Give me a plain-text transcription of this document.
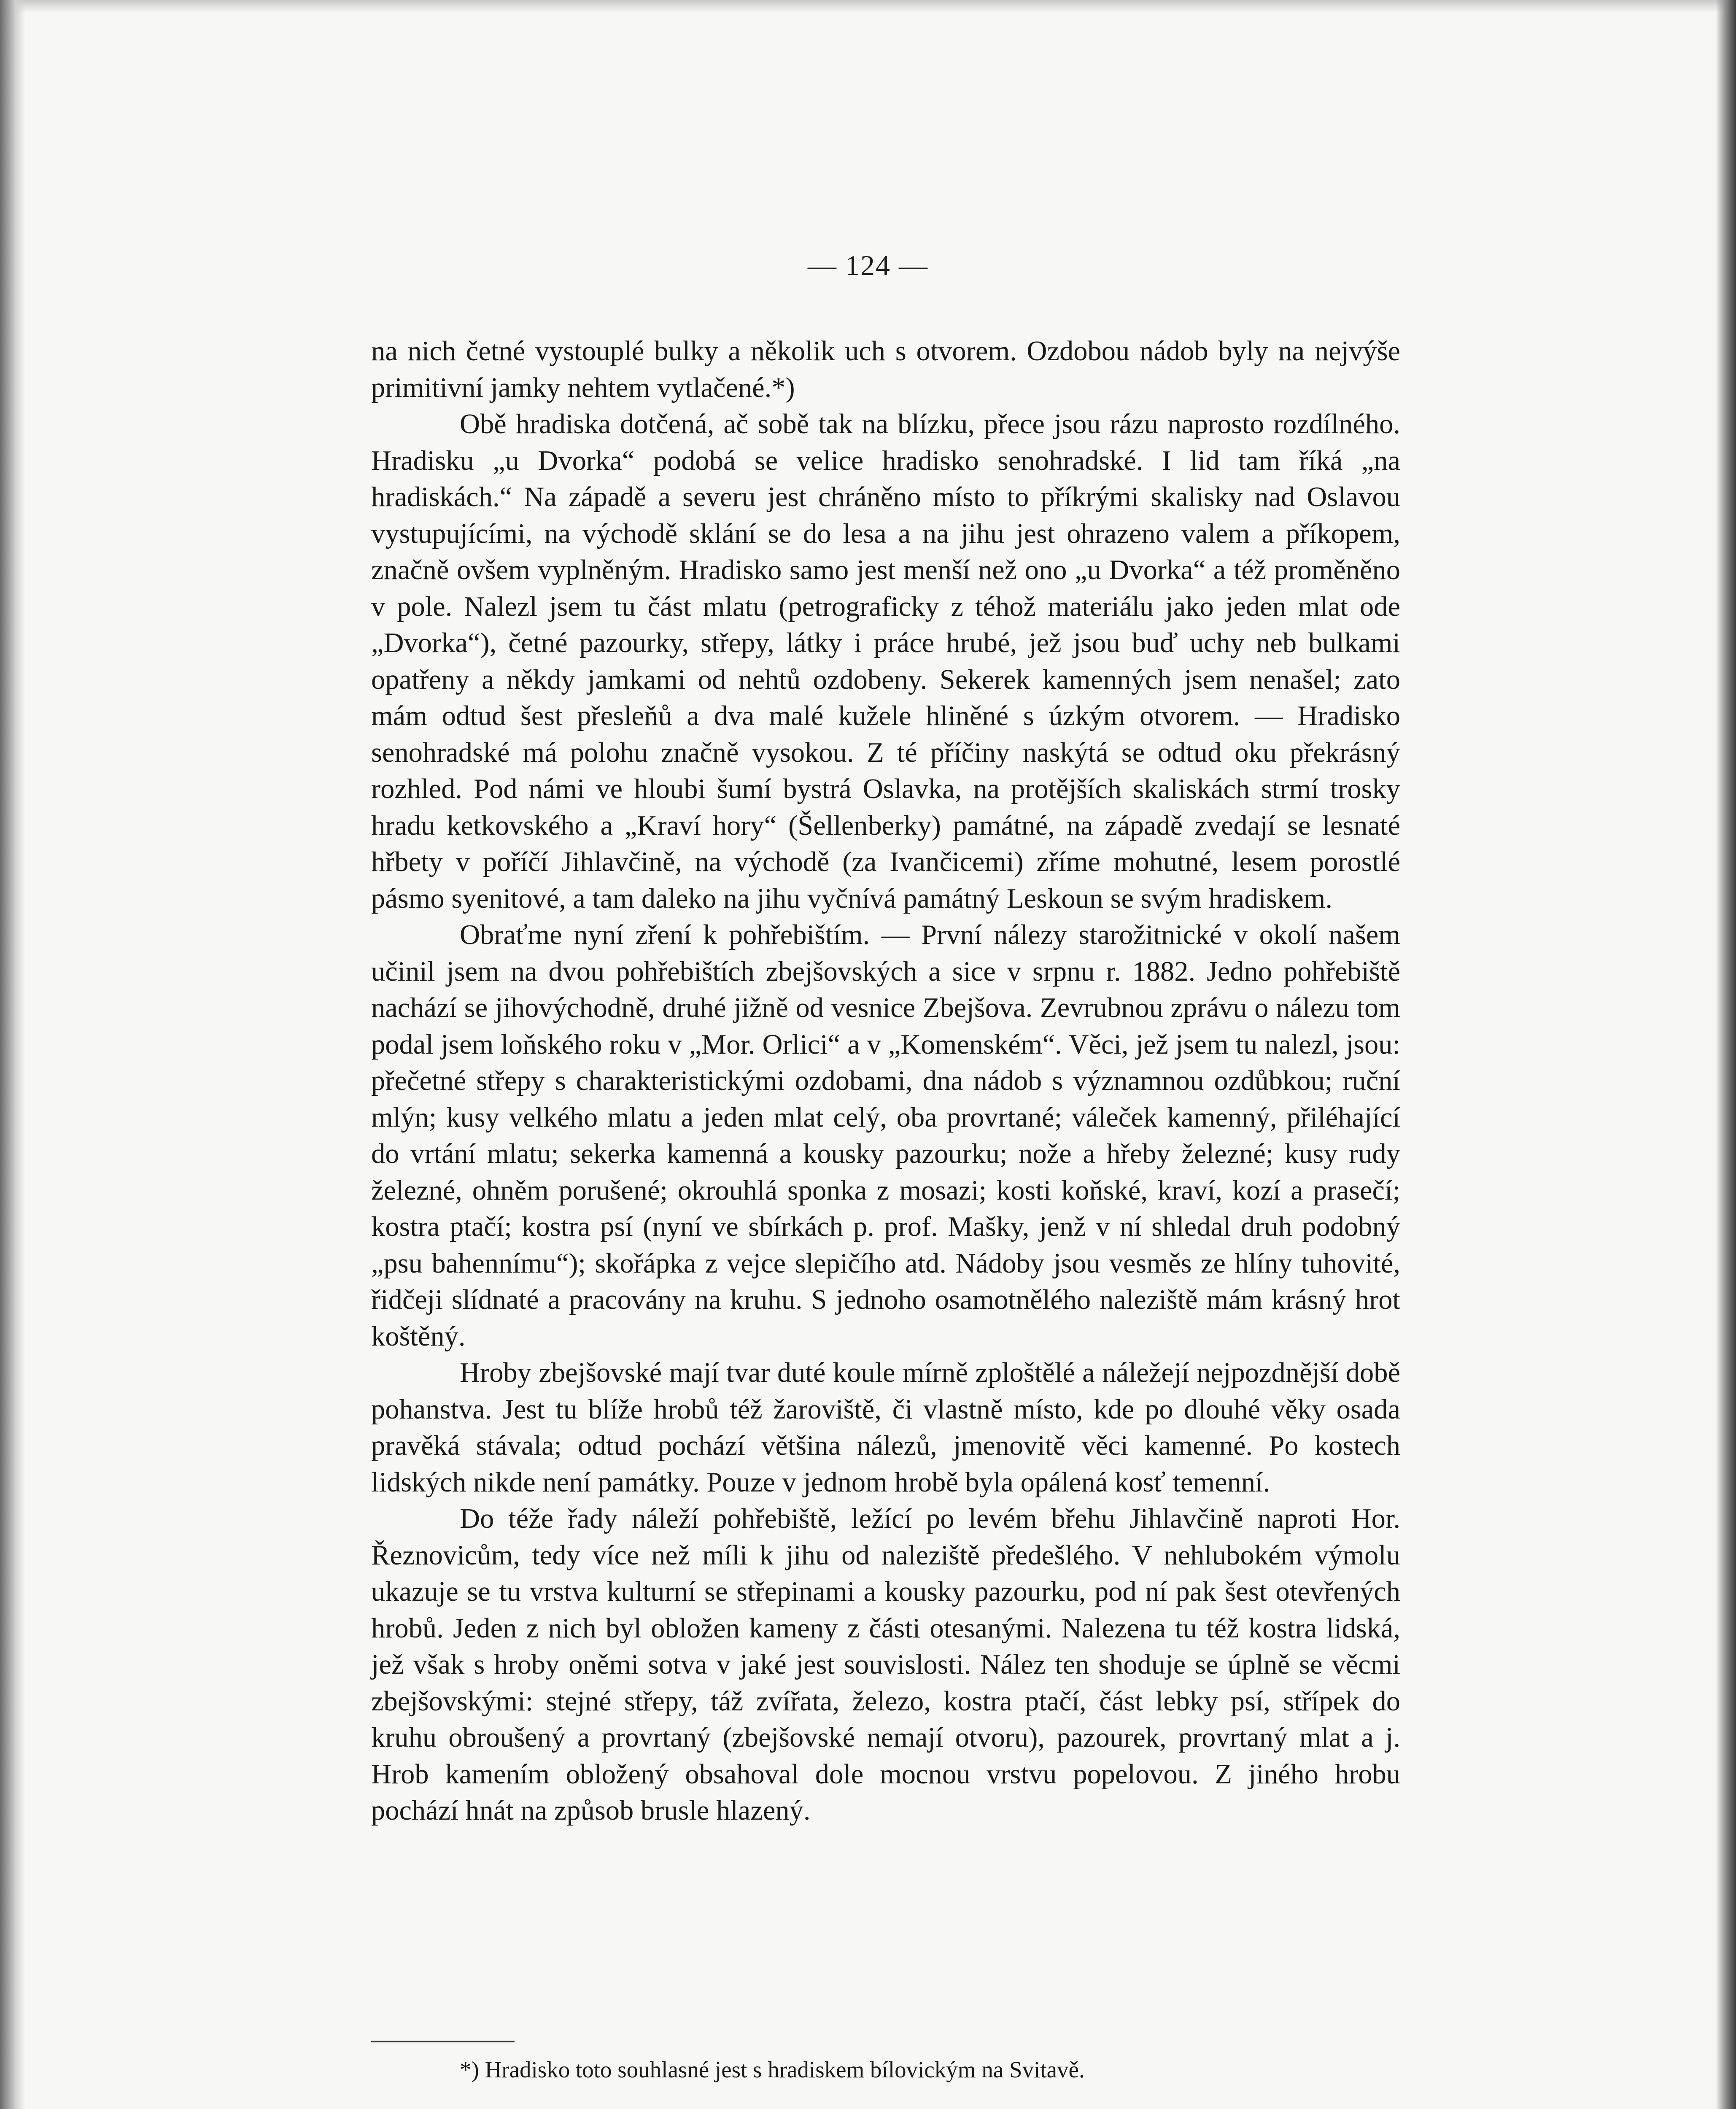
— 124 —

na nich četné vystouplé bulky a několik uch s otvorem. Ozdobou nádob byly na nejvýše primitivní jamky nehtem vytlačené.*)

Obě hradiska dotčená, ač sobě tak na blízku, přece jsou rázu naprosto rozdílného. Hradisku „u Dvorka“ podobá se velice hradisko senohradské. I lid tam říká „na hradiskách.“ Na západě a severu jest chráněno místo to příkrými skalisky nad Oslavou vystupujícími, na východě sklání se do lesa a na jihu jest ohrazeno valem a příkopem, značně ovšem vyplněným. Hradisko samo jest menší než ono „u Dvorka“ a též proměněno v pole. Nalezl jsem tu část mlatu (petrograficky z téhož materiálu jako jeden mlat ode „Dvorka“), četné pazourky, střepy, látky i práce hrubé, jež jsou buď uchy neb bulkami opatřeny a někdy jamkami od nehtů ozdobeny. Sekerek kamenných jsem nenašel; zato mám odtud šest přesleňů a dva malé kužele hliněné s úzkým otvorem. — Hradisko senohradské má polohu značně vysokou. Z té příčiny naskýtá se odtud oku překrásný rozhled. Pod námi ve hloubi šumí bystrá Oslavka, na protějších skaliskách strmí trosky hradu ketkovského a „Kraví hory“ (Šellenberky) památné, na západě zvedají se lesnaté hřbety v poříčí Jihlavčině, na východě (za Ivančicemi) zříme mohutné, lesem porostlé pásmo syenitové, a tam daleko na jihu vyčnívá památný Leskoun se svým hradiskem.

Obraťme nyní zření k pohřebištím. — První nálezy starožitnické v okolí našem učinil jsem na dvou pohřebištích zbejšovských a sice v srpnu r. 1882. Jedno pohřebiště nachází se jihovýchodně, druhé jižně od vesnice Zbejšova. Zevrubnou zprávu o nálezu tom podal jsem loňského roku v „Mor. Orlici“ a v „Komenském“. Věci, jež jsem tu nalezl, jsou: přečetné střepy s charakteristickými ozdobami, dna nádob s významnou ozdůbkou; ruční mlýn; kusy velkého mlatu a jeden mlat celý, oba provrtané; váleček kamenný, přiléhající do vrtání mlatu; sekerka kamenná a kousky pazourku; nože a hřeby železné; kusy rudy železné, ohněm porušené; okrouhlá sponka z mosazi; kosti koňské, kraví, kozí a prasečí; kostra ptačí; kostra psí (nyní ve sbírkách p. prof. Mašky, jenž v ní shledal druh podobný „psu bahennímu“); skořápka z vejce slepičího atd. Nádoby jsou vesměs ze hlíny tuhovité, řidčeji slídnaté a pracovány na kruhu. S jednoho osamotnělého naleziště mám krásný hrot koštěný.

Hroby zbejšovské mají tvar duté koule mírně zploštělé a náležejí nejpozdnější době pohanstva. Jest tu blíže hrobů též žaroviště, či vlastně místo, kde po dlouhé věky osada pravěká stávala; odtud pochází většina nálezů, jmenovitě věci kamenné. Po kostech lidských nikde není památky. Pouze v jednom hrobě byla opálená kosť temenní.

Do téže řady náleží pohřebiště, ležící po levém břehu Jihlavčině naproti Hor. Řeznovicům, tedy více než míli k jihu od naleziště předešlého. V nehlubokém výmolu ukazuje se tu vrstva kulturní se střepinami a kousky pazourku, pod ní pak šest otevřených hrobů. Jeden z nich byl obložen kameny z části otesanými. Nalezena tu též kostra lidská, jež však s hroby oněmi sotva v jaké jest souvislosti. Nález ten shoduje se úplně se věcmi zbejšovskými: stejné střepy, táž zvířata, železo, kostra ptačí, část lebky psí, střípek do kruhu obroušený a provrtaný (zbejšovské nemají otvoru), pazourek, provrtaný mlat a j. Hrob kamením obložený obsahoval dole mocnou vrstvu popelovou. Z jiného hrobu pochází hnát na způsob brusle hlazený.

*) Hradisko toto souhlasné jest s hradiskem bílovickým na Svitavě.
